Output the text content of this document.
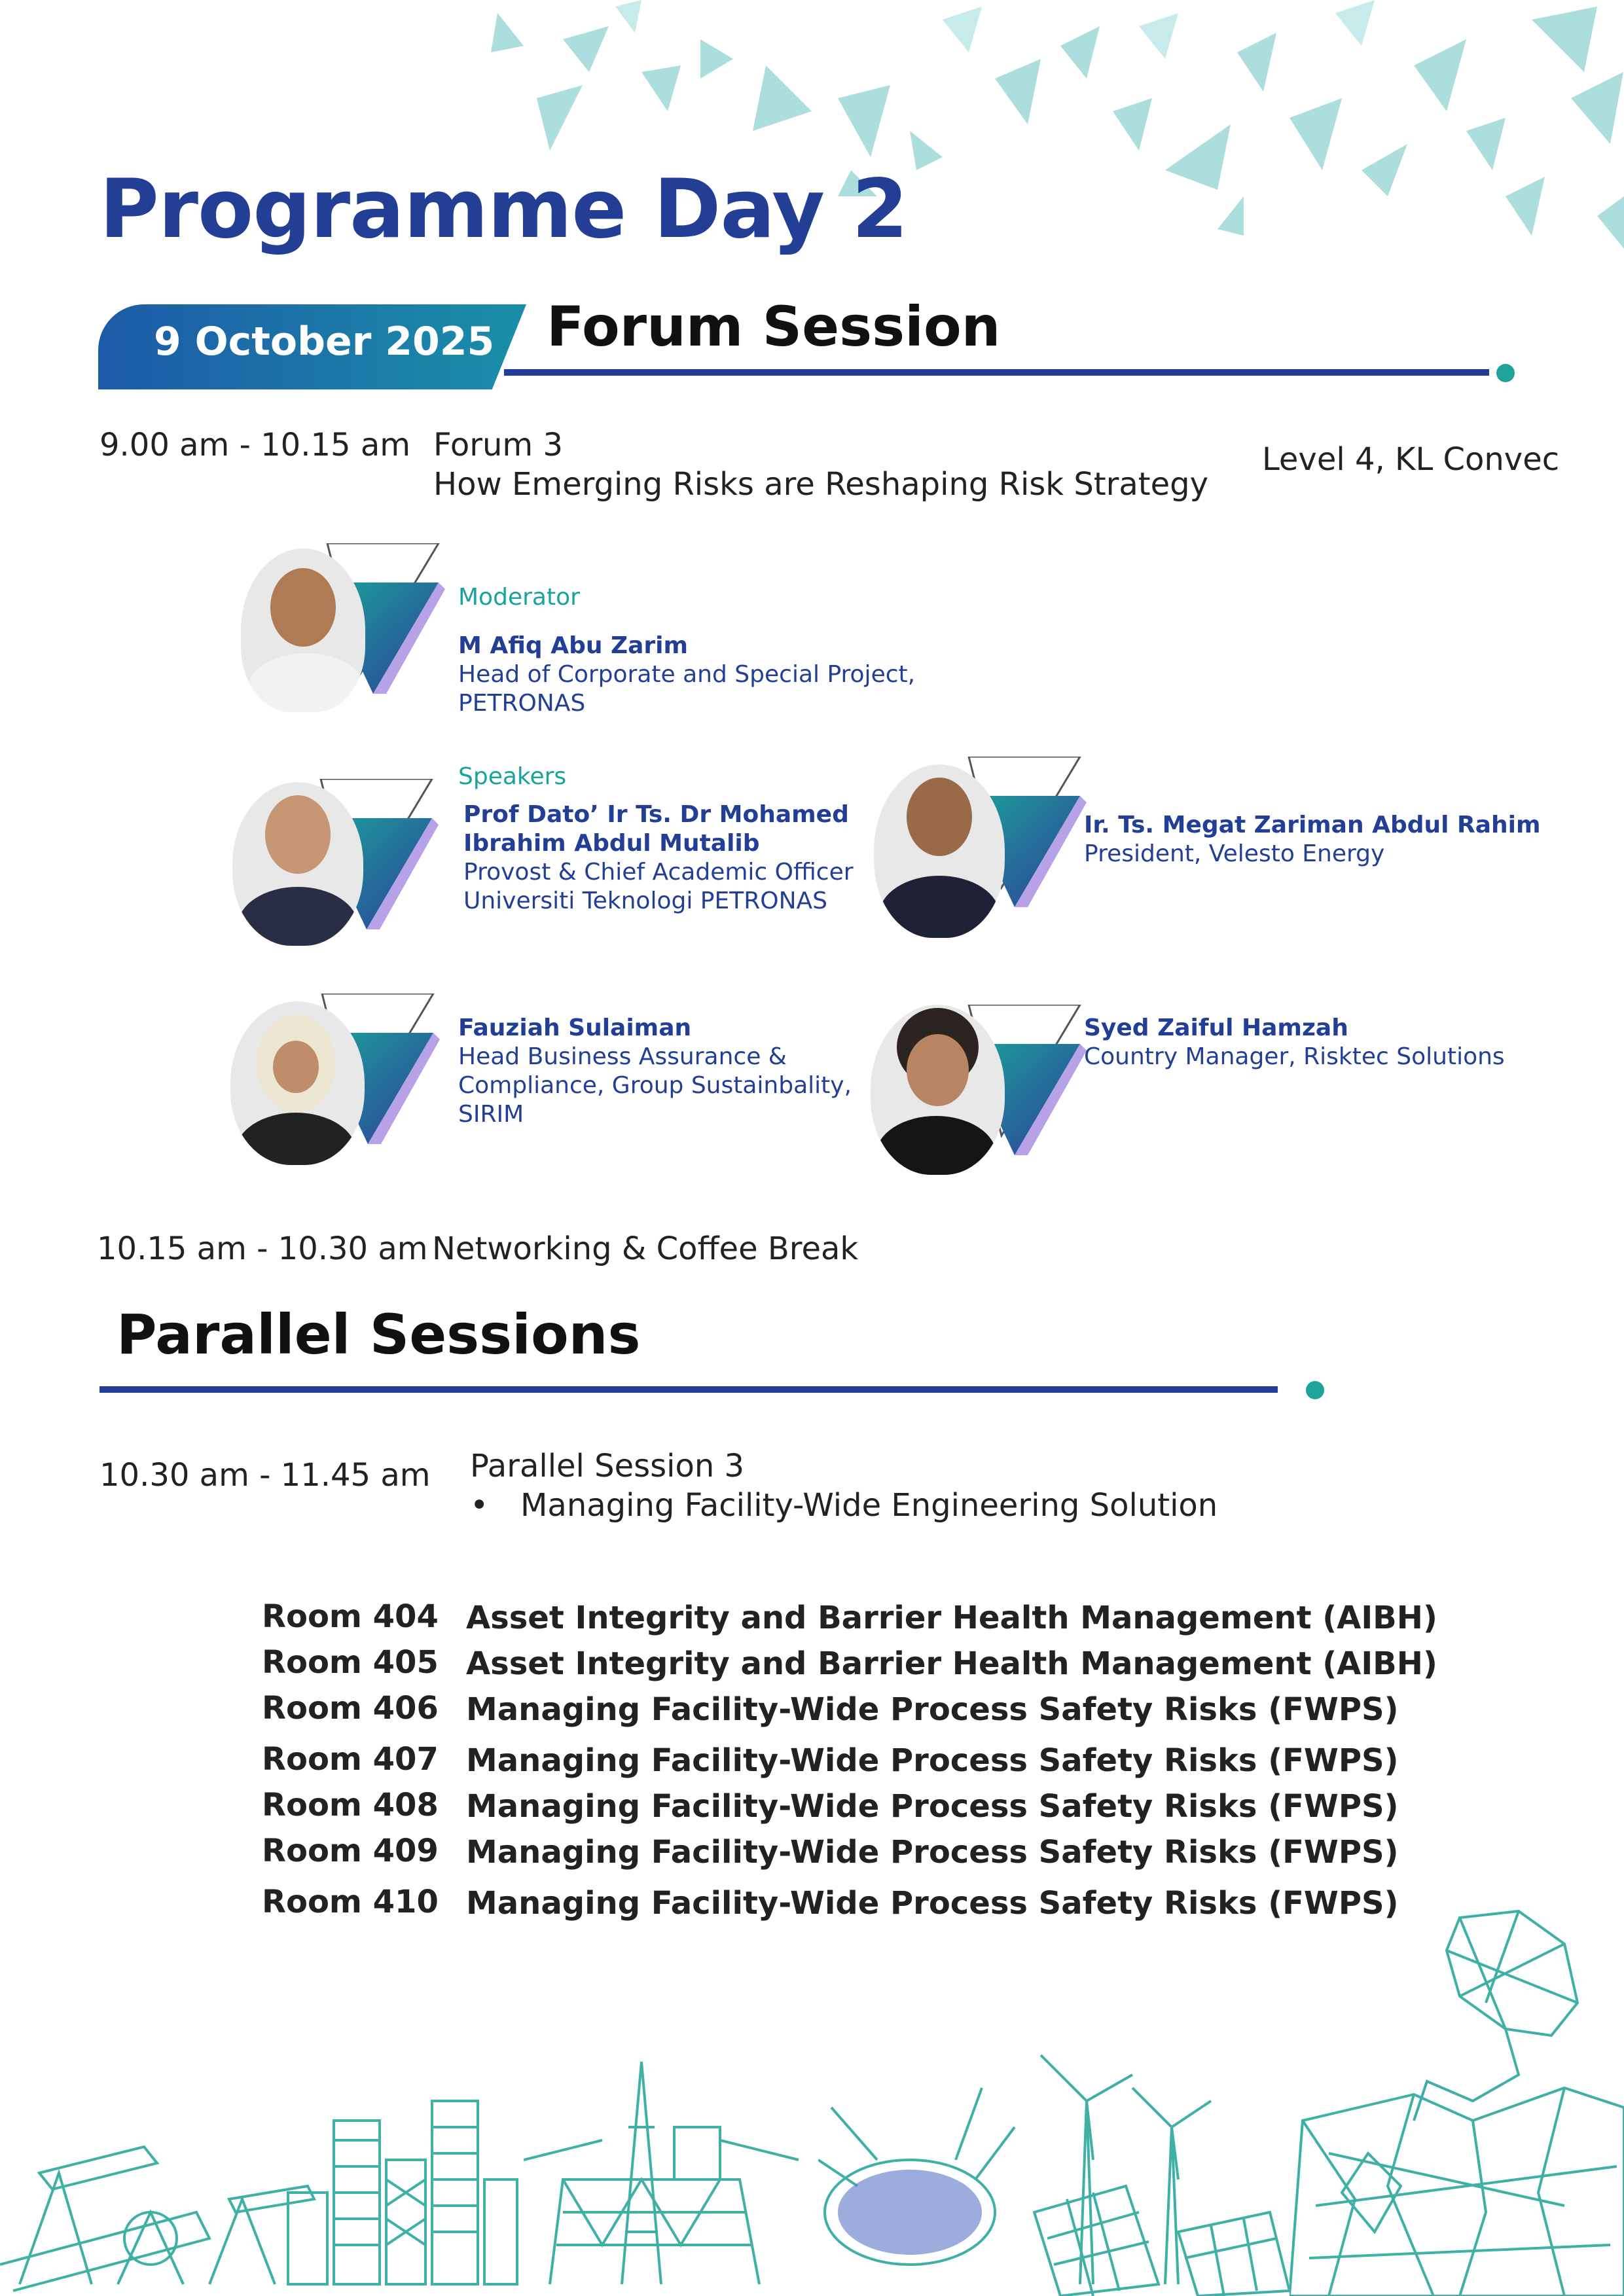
Programme Day 2
9 October 2025 Forum Session
9.00 am - 10.15 am Forum 3
How Emerging Risks are Reshaping Risk Strategy
Level 4, KL Convec
Moderator
M Afiq Abu Zarim
Head of Corporate and Special Project,
PETRONAS
Speakers
Prof Dato’ Ir Ts. Dr Mohamed
Ibrahim Abdul Mutalib
Provost & Chief Academic Officer
Universiti Teknologi PETRONAS
Ir. Ts. Megat Zariman Abdul Rahim
President, Velesto Energy
Fauziah Sulaiman
Head Business Assurance &
Compliance, Group Sustainbality,
SIRIM
Syed Zaiful Hamzah
Country Manager, Risktec Solutions
10.15 am - 10.30 am Networking & Coffee Break
Parallel Sessions
10.30 am - 11.45 am Parallel Session 3
• Managing Facility-Wide Engineering Solution
Room 404 Asset Integrity and Barrier Health Management (AIBH)
Room 405 Asset Integrity and Barrier Health Management (AIBH)
Room 406 Managing Facility-Wide Process Safety Risks (FWPS)
Room 407 Managing Facility-Wide Process Safety Risks (FWPS)
Room 408 Managing Facility-Wide Process Safety Risks (FWPS)
Room 409 Managing Facility-Wide Process Safety Risks (FWPS)
Room 410 Managing Facility-Wide Process Safety Risks (FWPS)
